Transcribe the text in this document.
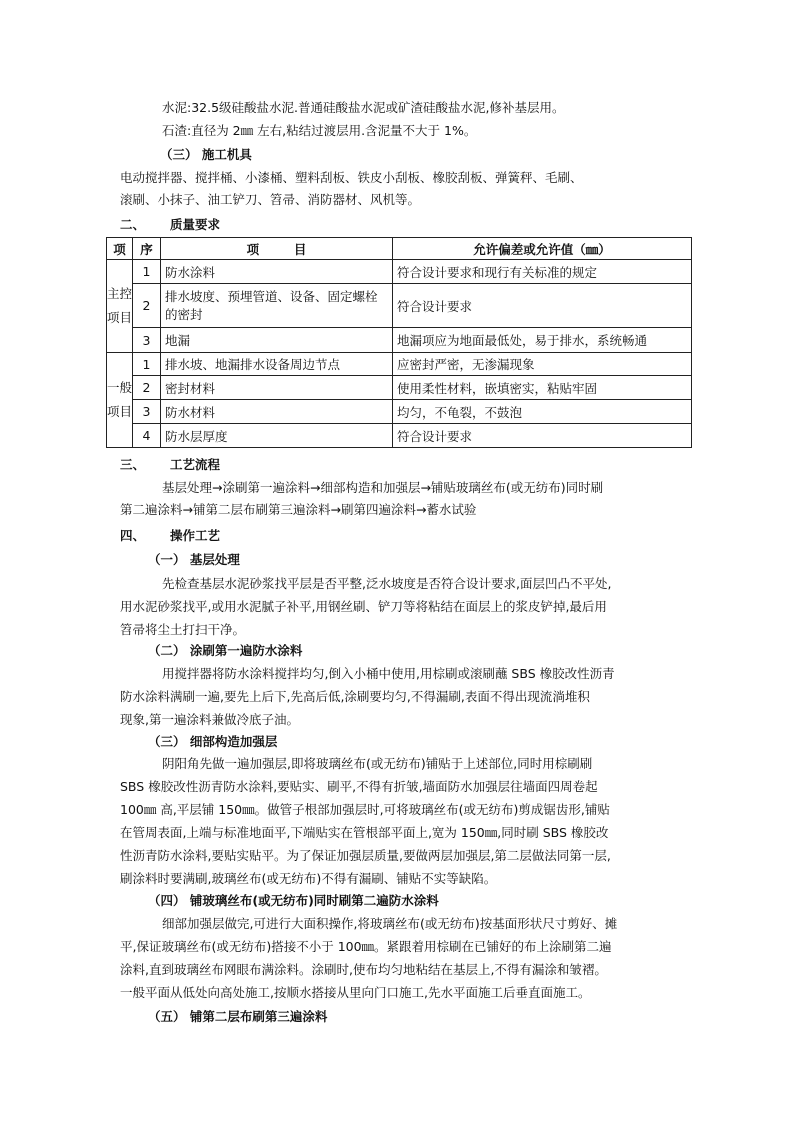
水泥:32.5级硅酸盐水泥.普通硅酸盐水泥或矿渣硅酸盐水泥,修补基层用。
石渣:直径为 2㎜ 左右,粘结过渡层用.含泥量不大于 1%。
（三） 施工机具
电动搅拌器、搅拌桶、小漆桶、塑料刮板、铁皮小刮板、橡胶刮板、弹簧秤、毛刷、
滚刷、小抹子、油工铲刀、笤帚、消防器材、风机等。
二、 质量要求
项	序	项        目	允许偏差或允许值（㎜）
主控项目	1	防水涂料	符合设计要求和现行有关标准的规定
	2	排水坡度、预埋管道、设备、固定螺栓的密封	符合设计要求
	3	地漏	地漏项应为地面最低处，易于排水，系统畅通
一般项目	1	排水坡、地漏排水设备周边节点	应密封严密，无渗漏现象
	2	密封材料	使用柔性材料，嵌填密实，粘贴牢固
	3	防水材料	均匀，不龟裂，不鼓泡
	4	防水层厚度	符合设计要求
三、 工艺流程
基层处理→涂刷第一遍涂料→细部构造和加强层→铺贴玻璃丝布(或无纺布)同时刷
第二遍涂料→铺第二层布刷第三遍涂料→刷第四遍涂料→蓄水试验
四、 操作工艺
（一） 基层处理
先检查基层水泥砂浆找平层是否平整,泛水坡度是否符合设计要求,面层凹凸不平处,
用水泥砂浆找平,或用水泥腻子补平,用钢丝刷、铲刀等将粘结在面层上的浆皮铲掉,最后用
笤帚将尘土打扫干净。
（二） 涂刷第一遍防水涂料
用搅拌器将防水涂料搅拌均匀,倒入小桶中使用,用棕刷或滚刷蘸 SBS 橡胶改性沥青
防水涂料满刷一遍,要先上后下,先高后低,涂刷要均匀,不得漏刷,表面不得出现流淌堆积
现象,第一遍涂料兼做冷底子油。
（三） 细部构造加强层
阴阳角先做一遍加强层,即将玻璃丝布(或无纺布)铺贴于上述部位,同时用棕刷刷
SBS 橡胶改性沥青防水涂料,要贴实、刷平,不得有折皱,墙面防水加强层往墙面四周卷起
100㎜ 高,平层铺 150㎜。做管子根部加强层时,可将玻璃丝布(或无纺布)剪成锯齿形,铺贴
在管周表面,上端与标准地面平,下端贴实在管根部平面上,宽为 150㎜,同时刷 SBS 橡胶改
性沥青防水涂料,要贴实贴平。为了保证加强层质量,要做两层加强层,第二层做法同第一层,
刷涂料时要满刷,玻璃丝布(或无纺布)不得有漏刷、铺贴不实等缺陷。
（四） 铺玻璃丝布(或无纺布)同时刷第二遍防水涂料
细部加强层做完,可进行大面积操作,将玻璃丝布(或无纺布)按基面形状尺寸剪好、摊
平,保证玻璃丝布(或无纺布)搭接不小于 100㎜。紧跟着用棕刷在已铺好的布上涂刷第二遍
涂料,直到玻璃丝布网眼布满涂料。涂刷时,使布均匀地粘结在基层上,不得有漏涂和皱褶。
一般平面从低处向高处施工,按顺水搭接从里向门口施工,先水平面施工后垂直面施工。
（五） 铺第二层布刷第三遍涂料
